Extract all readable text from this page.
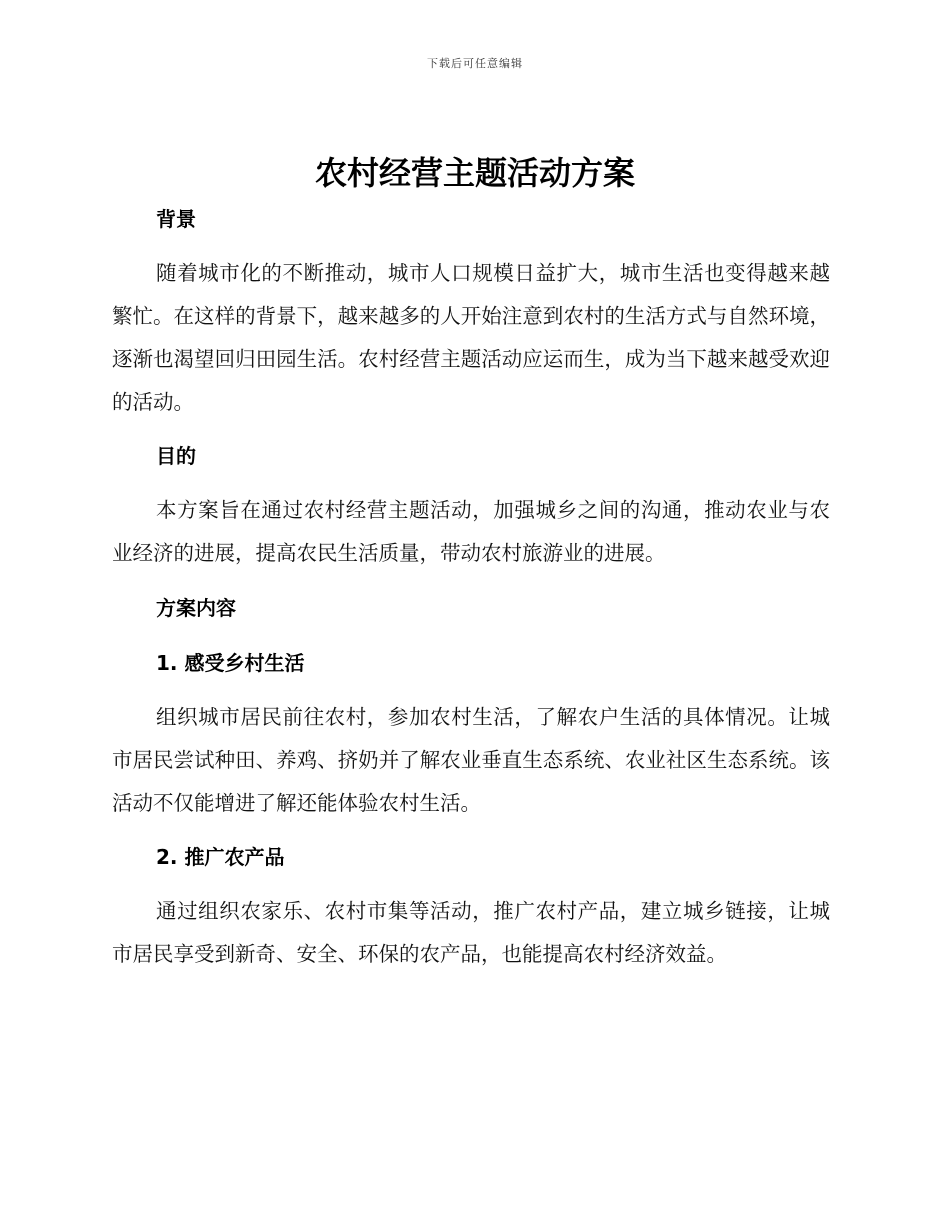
下载后可任意编辑
农村经营主题活动方案
背景

随着城市化的不断推动，城市人口规模日益扩大，城市生活也变得越来越繁忙。在这样的背景下，越来越多的人开始注意到农村的生活方式与自然环境，逐渐也渴望回归田园生活。农村经营主题活动应运而生，成为当下越来越受欢迎的活动。

目的

本方案旨在通过农村经营主题活动，加强城乡之间的沟通，推动农业与农业经济的进展，提高农民生活质量，带动农村旅游业的进展。

方案内容
1. 感受乡村生活

组织城市居民前往农村，参加农村生活，了解农户生活的具体情况。让城市居民尝试种田、养鸡、挤奶并了解农业垂直生态系统、农业社区生态系统。该活动不仅能增进了解还能体验农村生活。

2. 推广农产品

通过组织农家乐、农村市集等活动，推广农村产品，建立城乡链接，让城市居民享受到新奇、安全、环保的农产品，也能提高农村经济效益。
